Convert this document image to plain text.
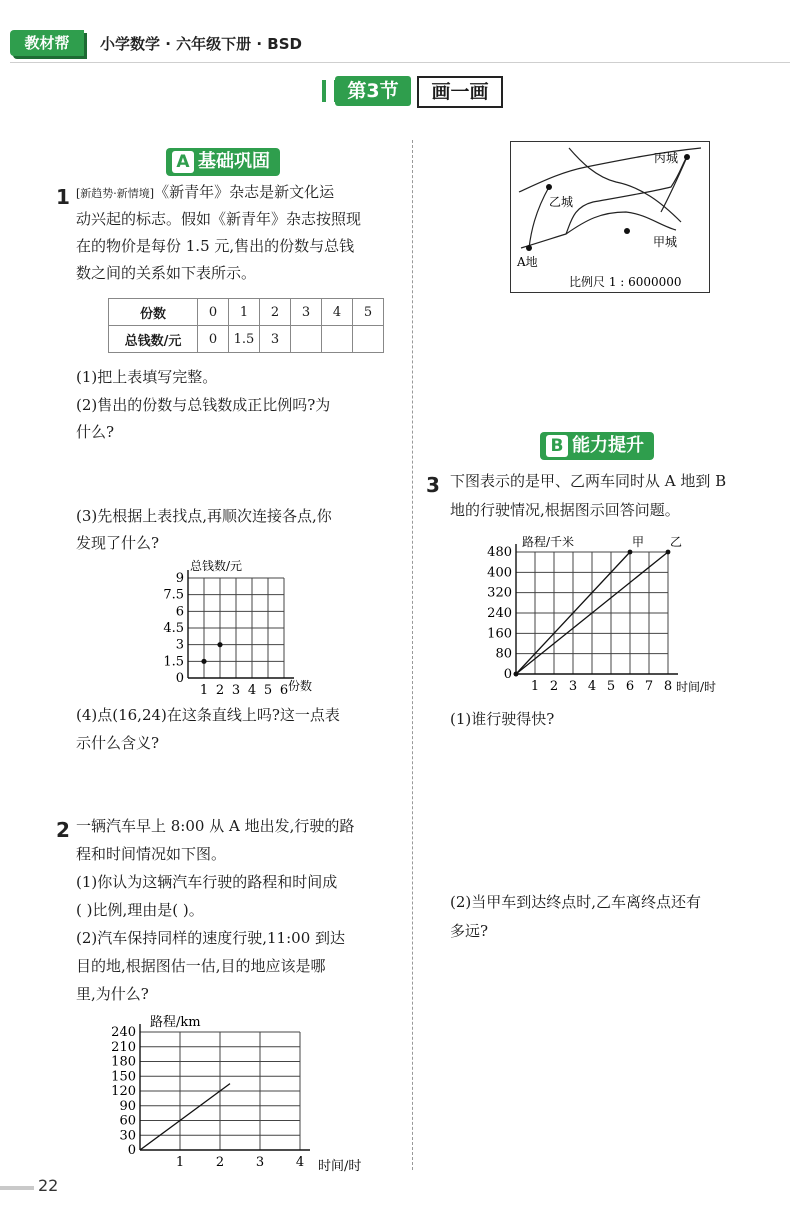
教材帮	小学数学 · 六年级下册 · BSD
第3节	画一画
A 基础巩固
1 [新趋势·新情境]《新青年》杂志是新文化运
动兴起的标志。假如《新青年》杂志按照现
在的物价是每份 1.5 元,售出的份数与总钱
数之间的关系如下表所示。
份数	0	1	2	3	4	5
总钱数/元	0	1.5	3			
(1)把上表填写完整。
(2)售出的份数与总钱数成正比例吗?为
什么?
(3)先根据上表找点,再顺次连接各点,你
发现了什么?
总钱数/元
份数
0
1.5
3
4.5
6
7.5
9
1 2 3 4 5 6
(4)点(16,24)在这条直线上吗?这一点表
示什么含义?
2 一辆汽车早上 8:00 从 A 地出发,行驶的路
程和时间情况如下图。
(1)你认为这辆汽车行驶的路程和时间成
( )比例,理由是( )。
(2)汽车保持同样的速度行驶,11:00 到达
目的地,根据图估一估,目的地应该是哪
里,为什么?
路程/km
时间/时
0
30
60
90
120
150
180
210
240
1 2 3 4
丙城
乙城
甲城
A地
比例尺 1 : 6000000
B 能力提升
3 下图表示的是甲、乙两车同时从 A 地到 B
地的行驶情况,根据图示回答问题。
路程/千米
时间/时
0
80
160
240
320
400
480
1 2 3 4 5 6 7 8
甲 乙
(1)谁行驶得快?
(2)当甲车到达终点时,乙车离终点还有
多远?
22
